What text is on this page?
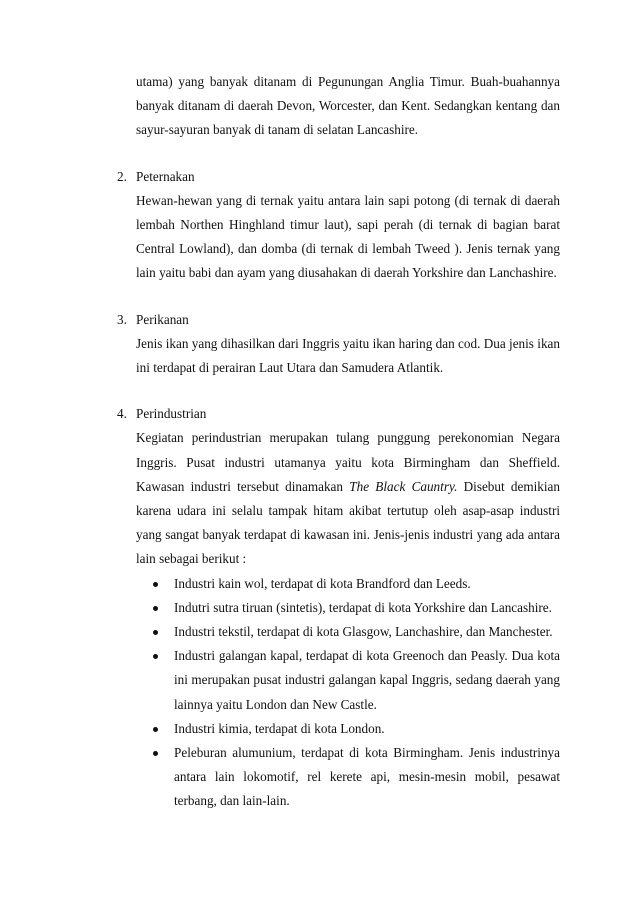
utama) yang banyak ditanam di Pegunungan Anglia Timur. Buah-buahannya banyak ditanam di daerah Devon, Worcester, dan Kent. Sedangkan kentang dan sayur-sayuran banyak di tanam di selatan Lancashire.

2. Peternakan

Hewan-hewan yang di ternak yaitu antara lain sapi potong (di ternak di daerah lembah Northen Hinghland timur laut), sapi perah (di ternak di bagian barat Central Lowland), dan domba (di ternak di lembah Tweed ). Jenis ternak yang lain yaitu babi dan ayam yang diusahakan di daerah Yorkshire dan Lanchashire.

3. Perikanan

Jenis ikan yang dihasilkan dari Inggris yaitu ikan haring dan cod. Dua jenis ikan ini terdapat di perairan Laut Utara dan Samudera Atlantik.

4. Perindustrian

Kegiatan perindustrian merupakan tulang punggung perekonomian Negara Inggris. Pusat industri utamanya yaitu kota Birmingham dan Sheffield. Kawasan industri tersebut dinamakan The Black Cauntry. Disebut demikian karena udara ini selalu tampak hitam akibat tertutup oleh asap-asap industri yang sangat banyak terdapat di kawasan ini. Jenis-jenis industri yang ada antara lain sebagai berikut :

Industri kain wol, terdapat di kota Brandford dan Leeds.
Indutri sutra tiruan (sintetis), terdapat di kota Yorkshire dan Lancashire.
Industri tekstil, terdapat di kota Glasgow, Lanchashire, dan Manchester.
Industri galangan kapal, terdapat di kota Greenoch dan Peasly. Dua kota ini merupakan pusat industri galangan kapal Inggris, sedang daerah yang lainnya yaitu London dan New Castle.
Industri kimia, terdapat di kota London.
Peleburan alumunium, terdapat di kota Birmingham. Jenis industrinya antara lain lokomotif, rel kerete api, mesin-mesin mobil, pesawat terbang, dan lain-lain.
